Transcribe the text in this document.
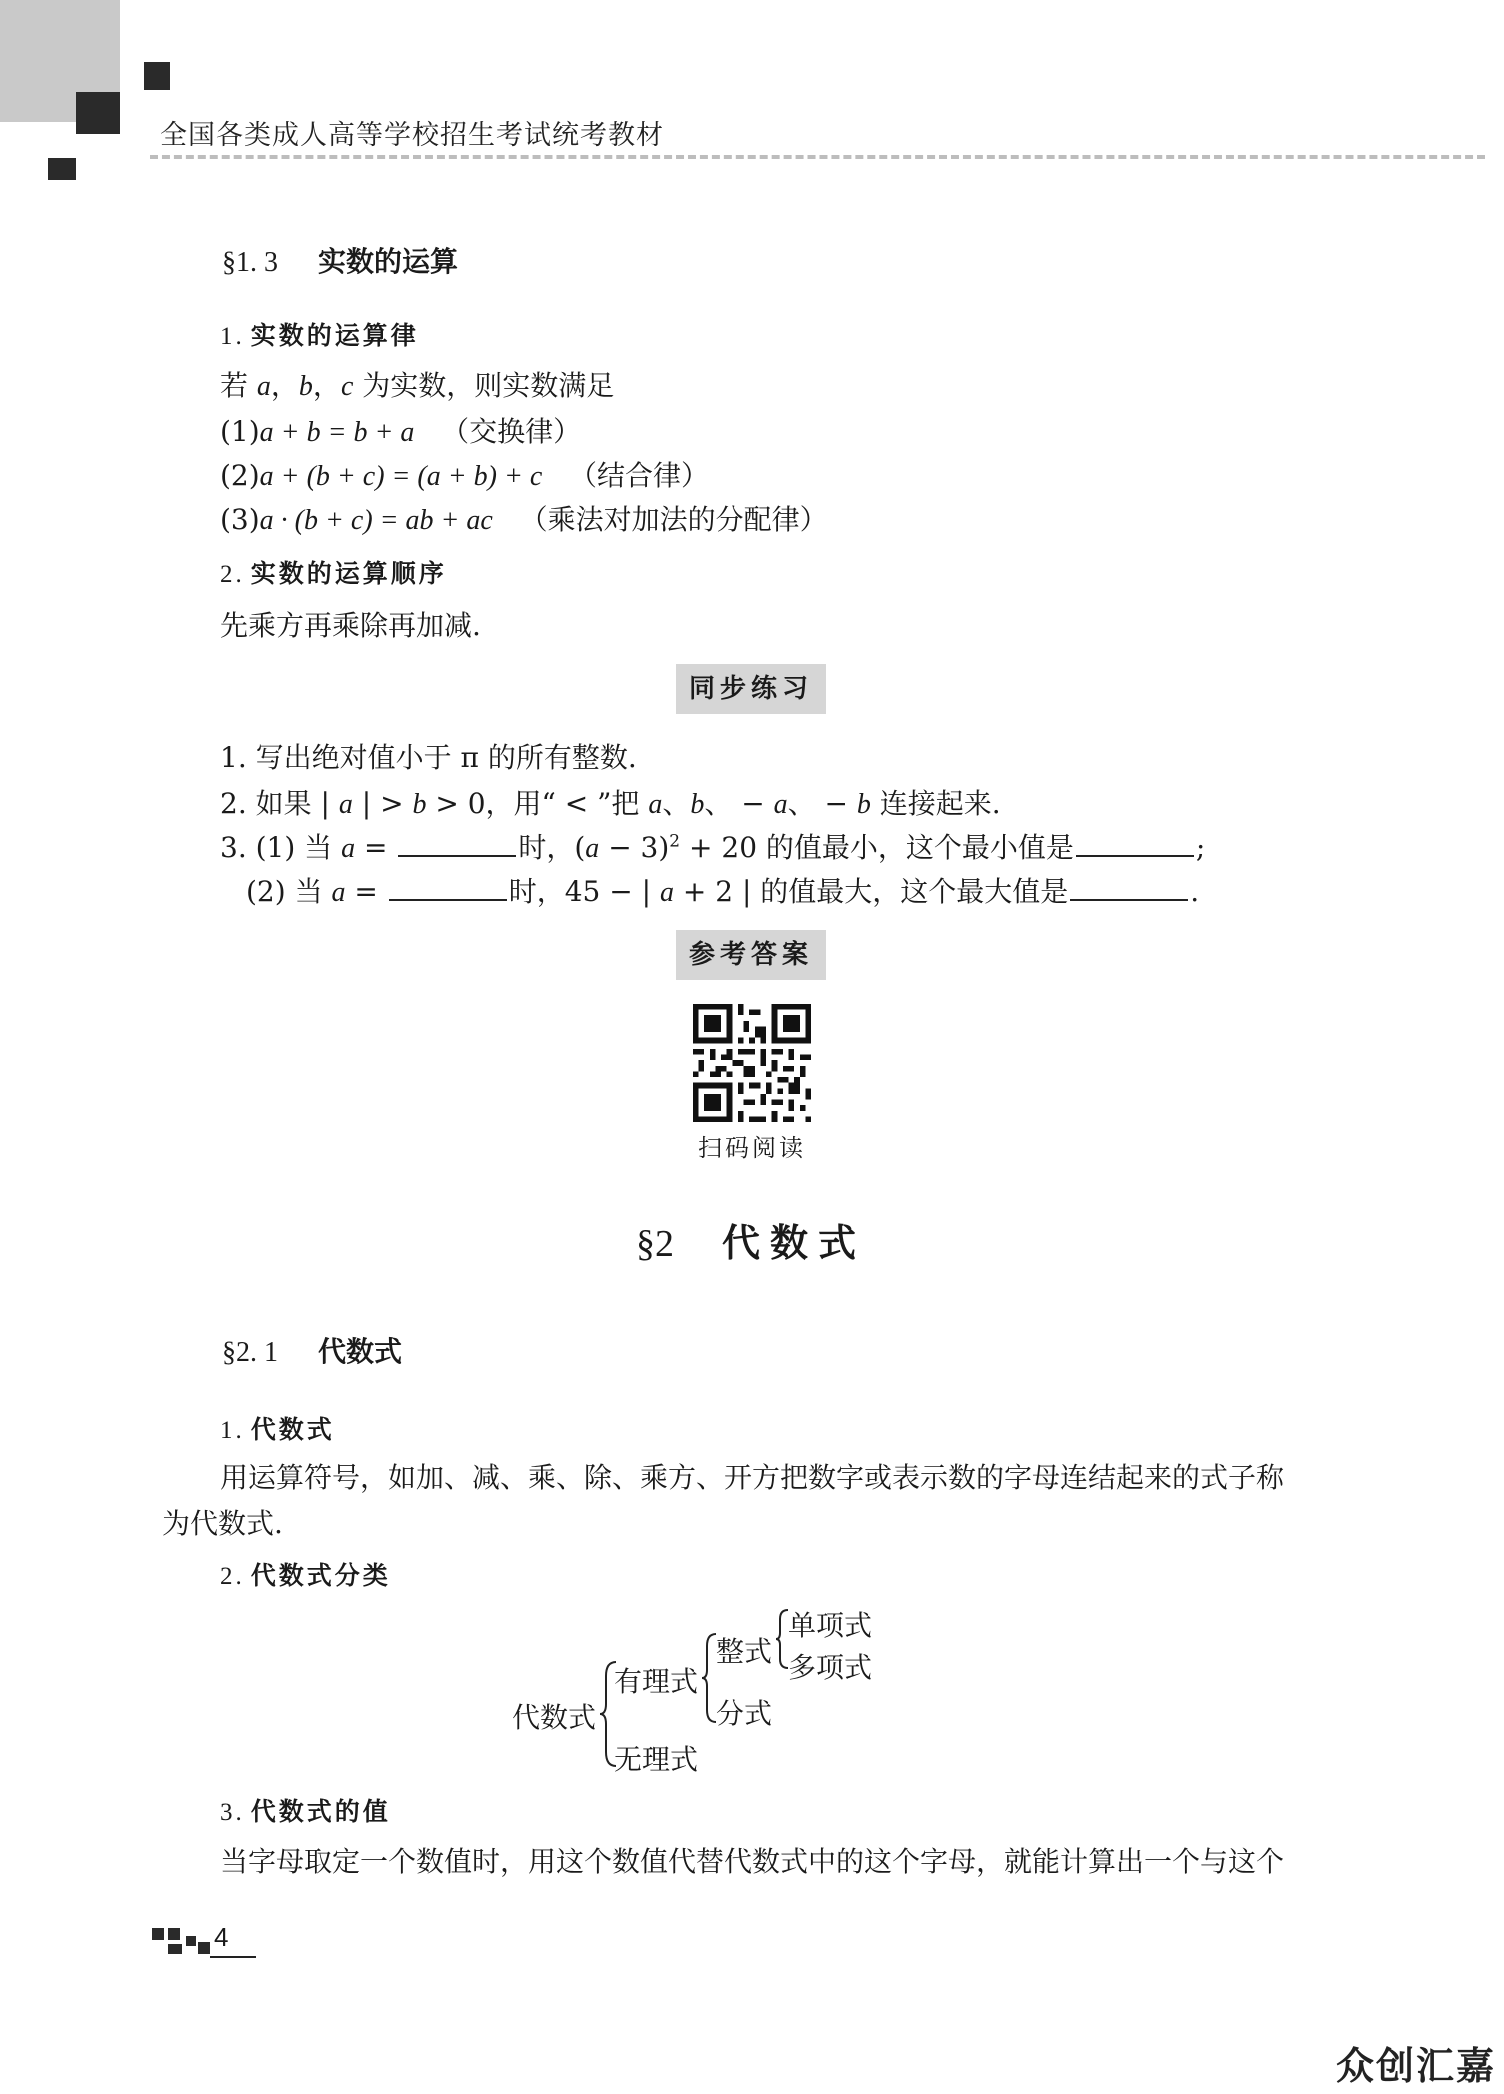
全国各类成人高等学校招生考试统考教材
§1. 3 实数的运算
1. 实数的运算律
若 a，b，c 为实数，则实数满足
(1)a + b = b + a （交换律）
(2)a + (b + c) = (a + b) + c （结合律）
(3)a · (b + c) = ab + ac （乘法对加法的分配律）
2. 实数的运算顺序
先乘方再乘除再加减.
同步练习
1. 写出绝对值小于 π 的所有整数.
2. 如果 | a | > b > 0，用“ < ”把 a、b、 − a、 − b 连接起来.
3. (1) 当 a =	时，$(a - 3)^2 + 20$ 的值最小，这个最小值是	;
(2) 当 a =	时，45 − | a + 2 | 的值最大，这个最大值是	.
参考答案
扫码阅读
§2 代数式
§2. 1 代数式
1. 代数式
用运算符号，如加、减、乘、除、乘方、开方把数字或表示数的字母连结起来的式子称
为代数式.
2. 代数式分类
代数式
有理式
无理式
整式
分式
单项式
多项式
3. 代数式的值
当字母取定一个数值时，用这个数值代替代数式中的这个字母，就能计算出一个与这个
4
众创汇嘉
